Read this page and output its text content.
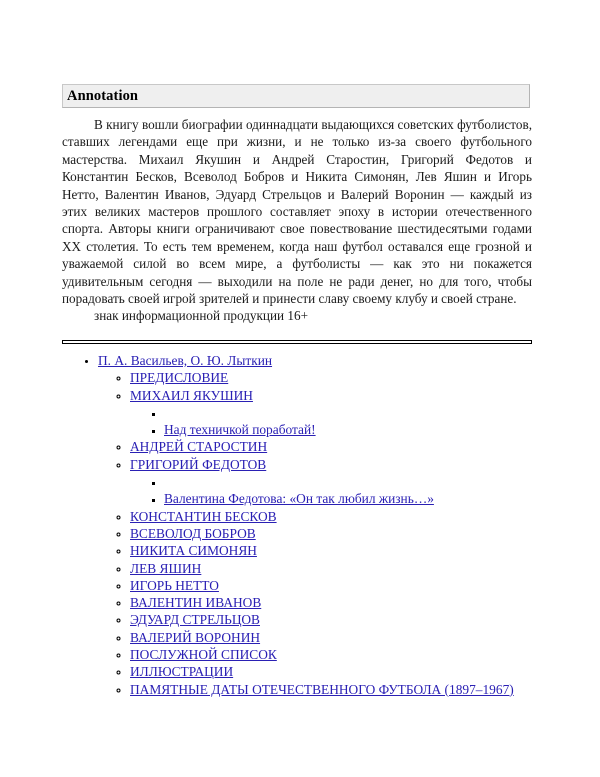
Annotation

В книгу вошли биографии одиннадцати выдающихся советских футболистов, ставших легендами еще при жизни, и не только из-за своего футбольного мастерства. Михаил Якушин и Андрей Старостин, Григорий Федотов и Константин Бесков, Всеволод Бобров и Никита Симонян, Лев Яшин и Игорь Нетто, Валентин Иванов, Эдуард Стрельцов и Валерий Воронин — каждый из этих великих мастеров прошлого составляет эпоху в истории отечественного спорта. Авторы книги ограничивают свое повествование шестидесятыми годами XX столетия. То есть тем временем, когда наш футбол оставался еще грозной и уважаемой силой во всем мире, а футболисты — как это ни покажется удивительным сегодня — выходили на поле не ради денег, но для того, чтобы порадовать своей игрой зрителей и принести славу своему клубу и своей стране.

знак информационной продукции 16+

• П. А. Васильев, О. Ю. Лыткин
◦ ПРЕДИСЛОВИЕ
◦ МИХАИЛ ЯКУШИН
▪
▪ Над техничкой поработай!
◦ АНДРЕЙ СТАРОСТИН
◦ ГРИГОРИЙ ФЕДОТОВ
▪
▪ Валентина Федотова: «Он так любил жизнь…»
◦ КОНСТАНТИН БЕСКОВ
◦ ВСЕВОЛОД БОБРОВ
◦ НИКИТА СИМОНЯН
◦ ЛЕВ ЯШИН
◦ ИГОРЬ НЕТТО
◦ ВАЛЕНТИН ИВАНОВ
◦ ЭДУАРД СТРЕЛЬЦОВ
◦ ВАЛЕРИЙ ВОРОНИН
◦ ПОСЛУЖНОЙ СПИСОК
◦ ИЛЛЮСТРАЦИИ
◦ ПАМЯТНЫЕ ДАТЫ ОТЕЧЕСТВЕННОГО ФУТБОЛА (1897–1967)
